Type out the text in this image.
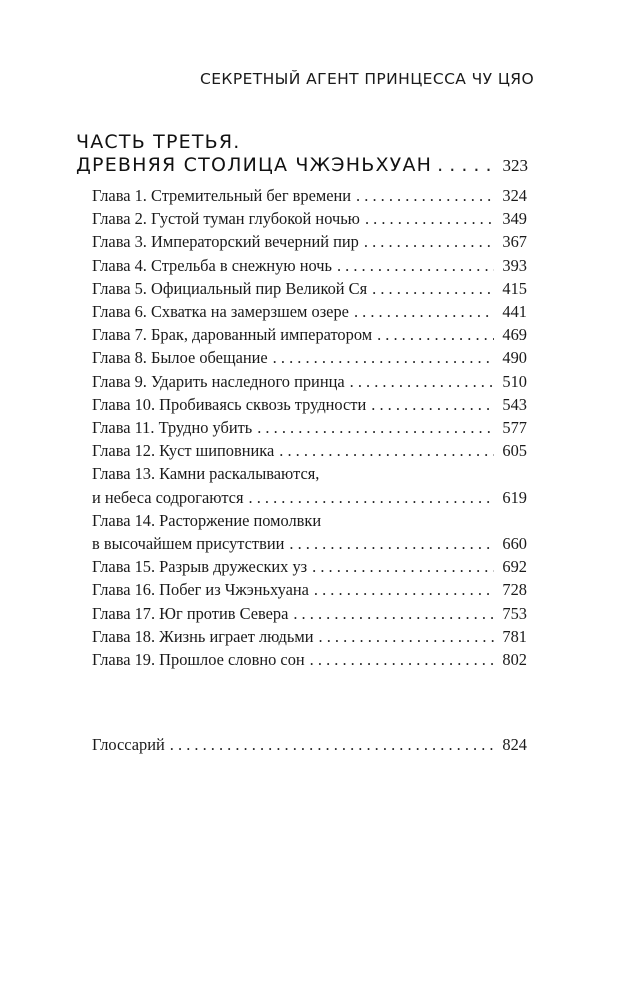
СЕКРЕТНЫЙ АГЕНТ ПРИНЦЕССА ЧУ ЦЯО
ЧАСТЬ ТРЕТЬЯ.
ДРЕВНЯЯ СТОЛИЦА ЧЖЭНЬХУАН . . .	323
Глава 1. Стремительный бег времени . . .	324
Глава 2. Густой туман глубокой ночью . . .	349
Глава 3. Императорский вечерний пир . . .	367
Глава 4. Стрельба в снежную ночь . . .	393
Глава 5. Официальный пир Великой Ся . . .	415
Глава 6. Схватка на замерзшем озере . . .	441
Глава 7. Брак, дарованный императором . . .	469
Глава 8. Былое обещание . . .	490
Глава 9. Ударить наследного принца . . .	510
Глава 10. Пробиваясь сквозь трудности . . .	543
Глава 11. Трудно убить . . .	577
Глава 12. Куст шиповника . . .	605
Глава 13. Камни раскалываются,
и небеса содрогаются . . .	619
Глава 14. Расторжение помолвки
в высочайшем присутствии . . .	660
Глава 15. Разрыв дружеских уз . . .	692
Глава 16. Побег из Чжэньхуана . . .	728
Глава 17. Юг против Севера . . .	753
Глава 18. Жизнь играет людьми . . .	781
Глава 19. Прошлое словно сон . . .	802
Глоссарий . . .	824
